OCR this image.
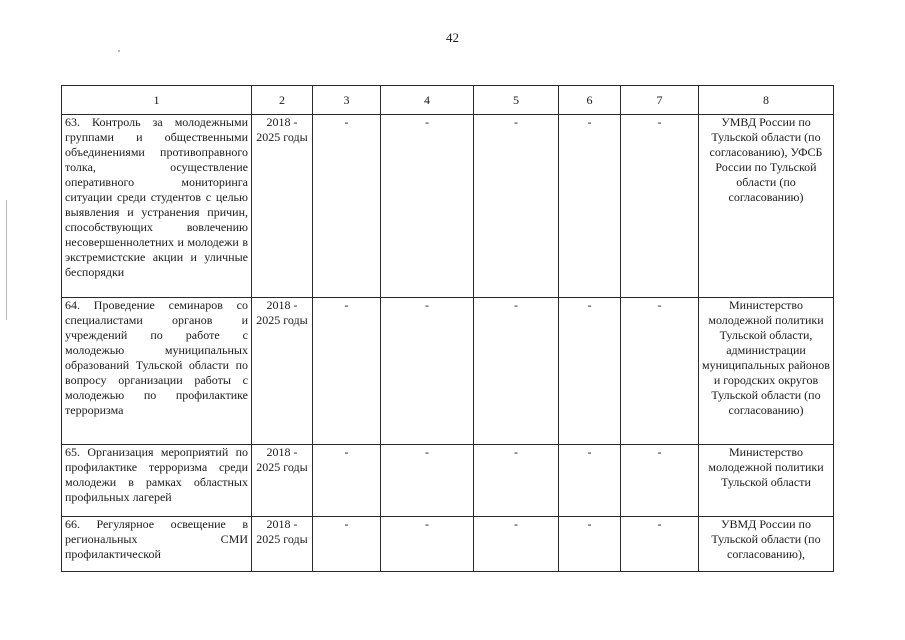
42
1	2	3	4	5	6	7	8
63. Контроль за молодежными группами и общественными объединениями противоправного толка, осуществление оперативного мониторинга ситуации среди студентов с целью выявления и устранения причин, способствующих вовлечению несовершеннолетних и молодежи в экстремистские акции и уличные беспорядки	2018 - 2025 годы	-	-	-	-	-	УМВД России по Тульской области (по согласованию), УФСБ России по Тульской области (по согласованию)
64. Проведение семинаров со специалистами органов и учреждений по работе с молодежью муниципальных образований Тульской области по вопросу организации работы с молодежью по профилактике терроризма	2018 - 2025 годы	-	-	-	-	-	Министерство молодежной политики Тульской области, администрации муниципальных районов и городских округов Тульской области (по согласованию)
65. Организация мероприятий по профилактике терроризма среди молодежи в рамках областных профильных лагерей	2018 - 2025 годы	-	-	-	-	-	Министерство молодежной политики Тульской области
66. Регулярное освещение в региональных СМИ профилактической	2018 - 2025 годы	-	-	-	-	-	УВМД России по Тульской области (по согласованию),
